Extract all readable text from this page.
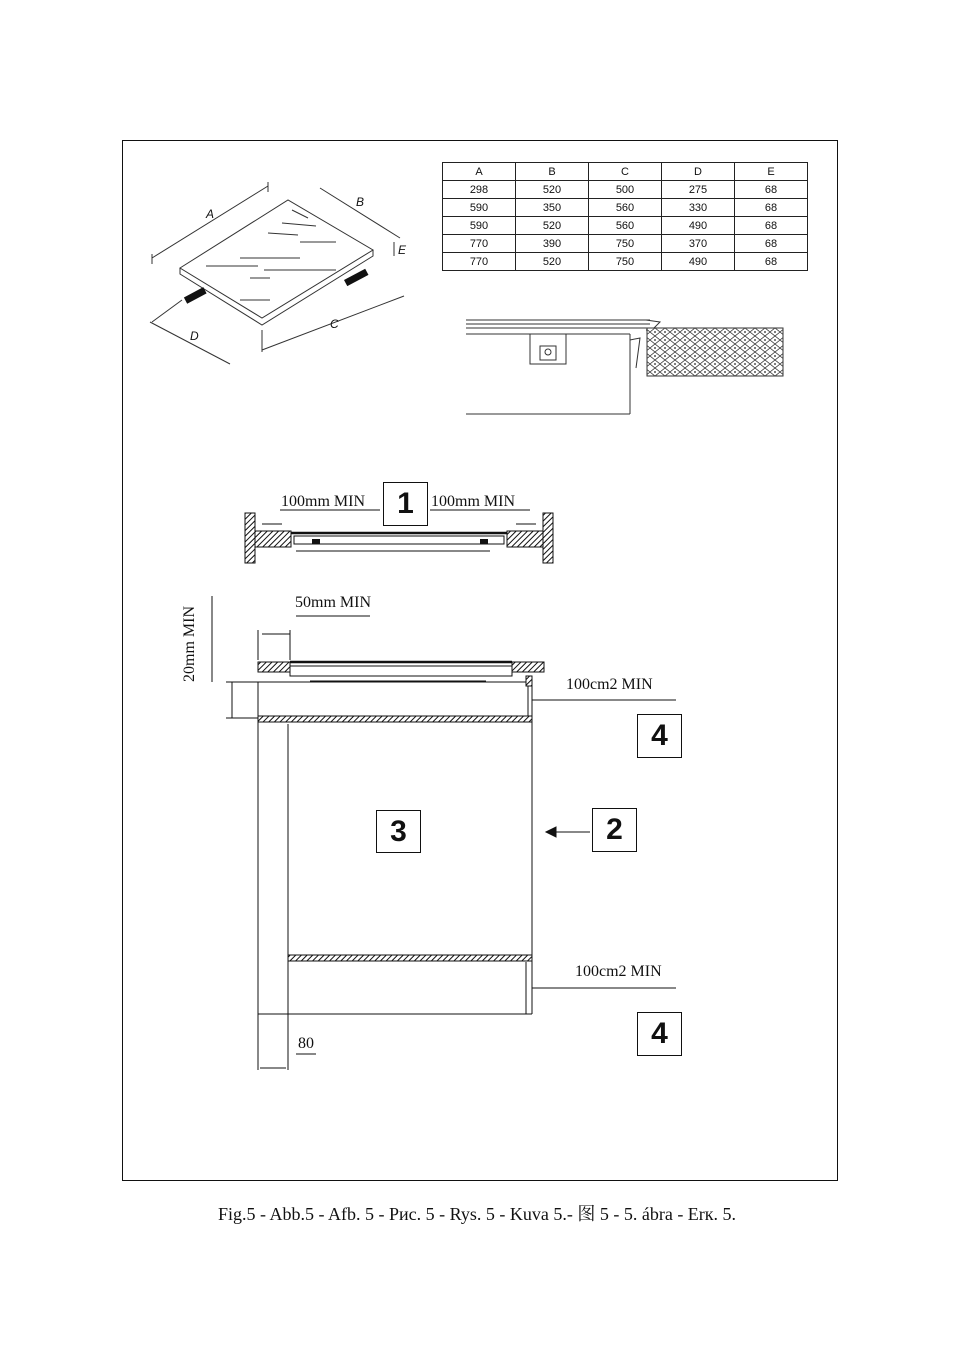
A	B	C	D	E
298	520	500	275	68
590	350	560	330	68
590	520	560	490	68
770	390	750	370	68
770	520	750	490	68
A
B
E
D
C
100mm MIN	100mm MIN
50mm MIN
20mm MIN
100cm2 MIN
100cm2 MIN
80
1
2
3
4
4
Fig.5 - Abb.5 - Afb. 5 - Рис. 5 - Rys. 5 - Kuva 5.- 图 5 - 5. ábra - Εrк. 5.
